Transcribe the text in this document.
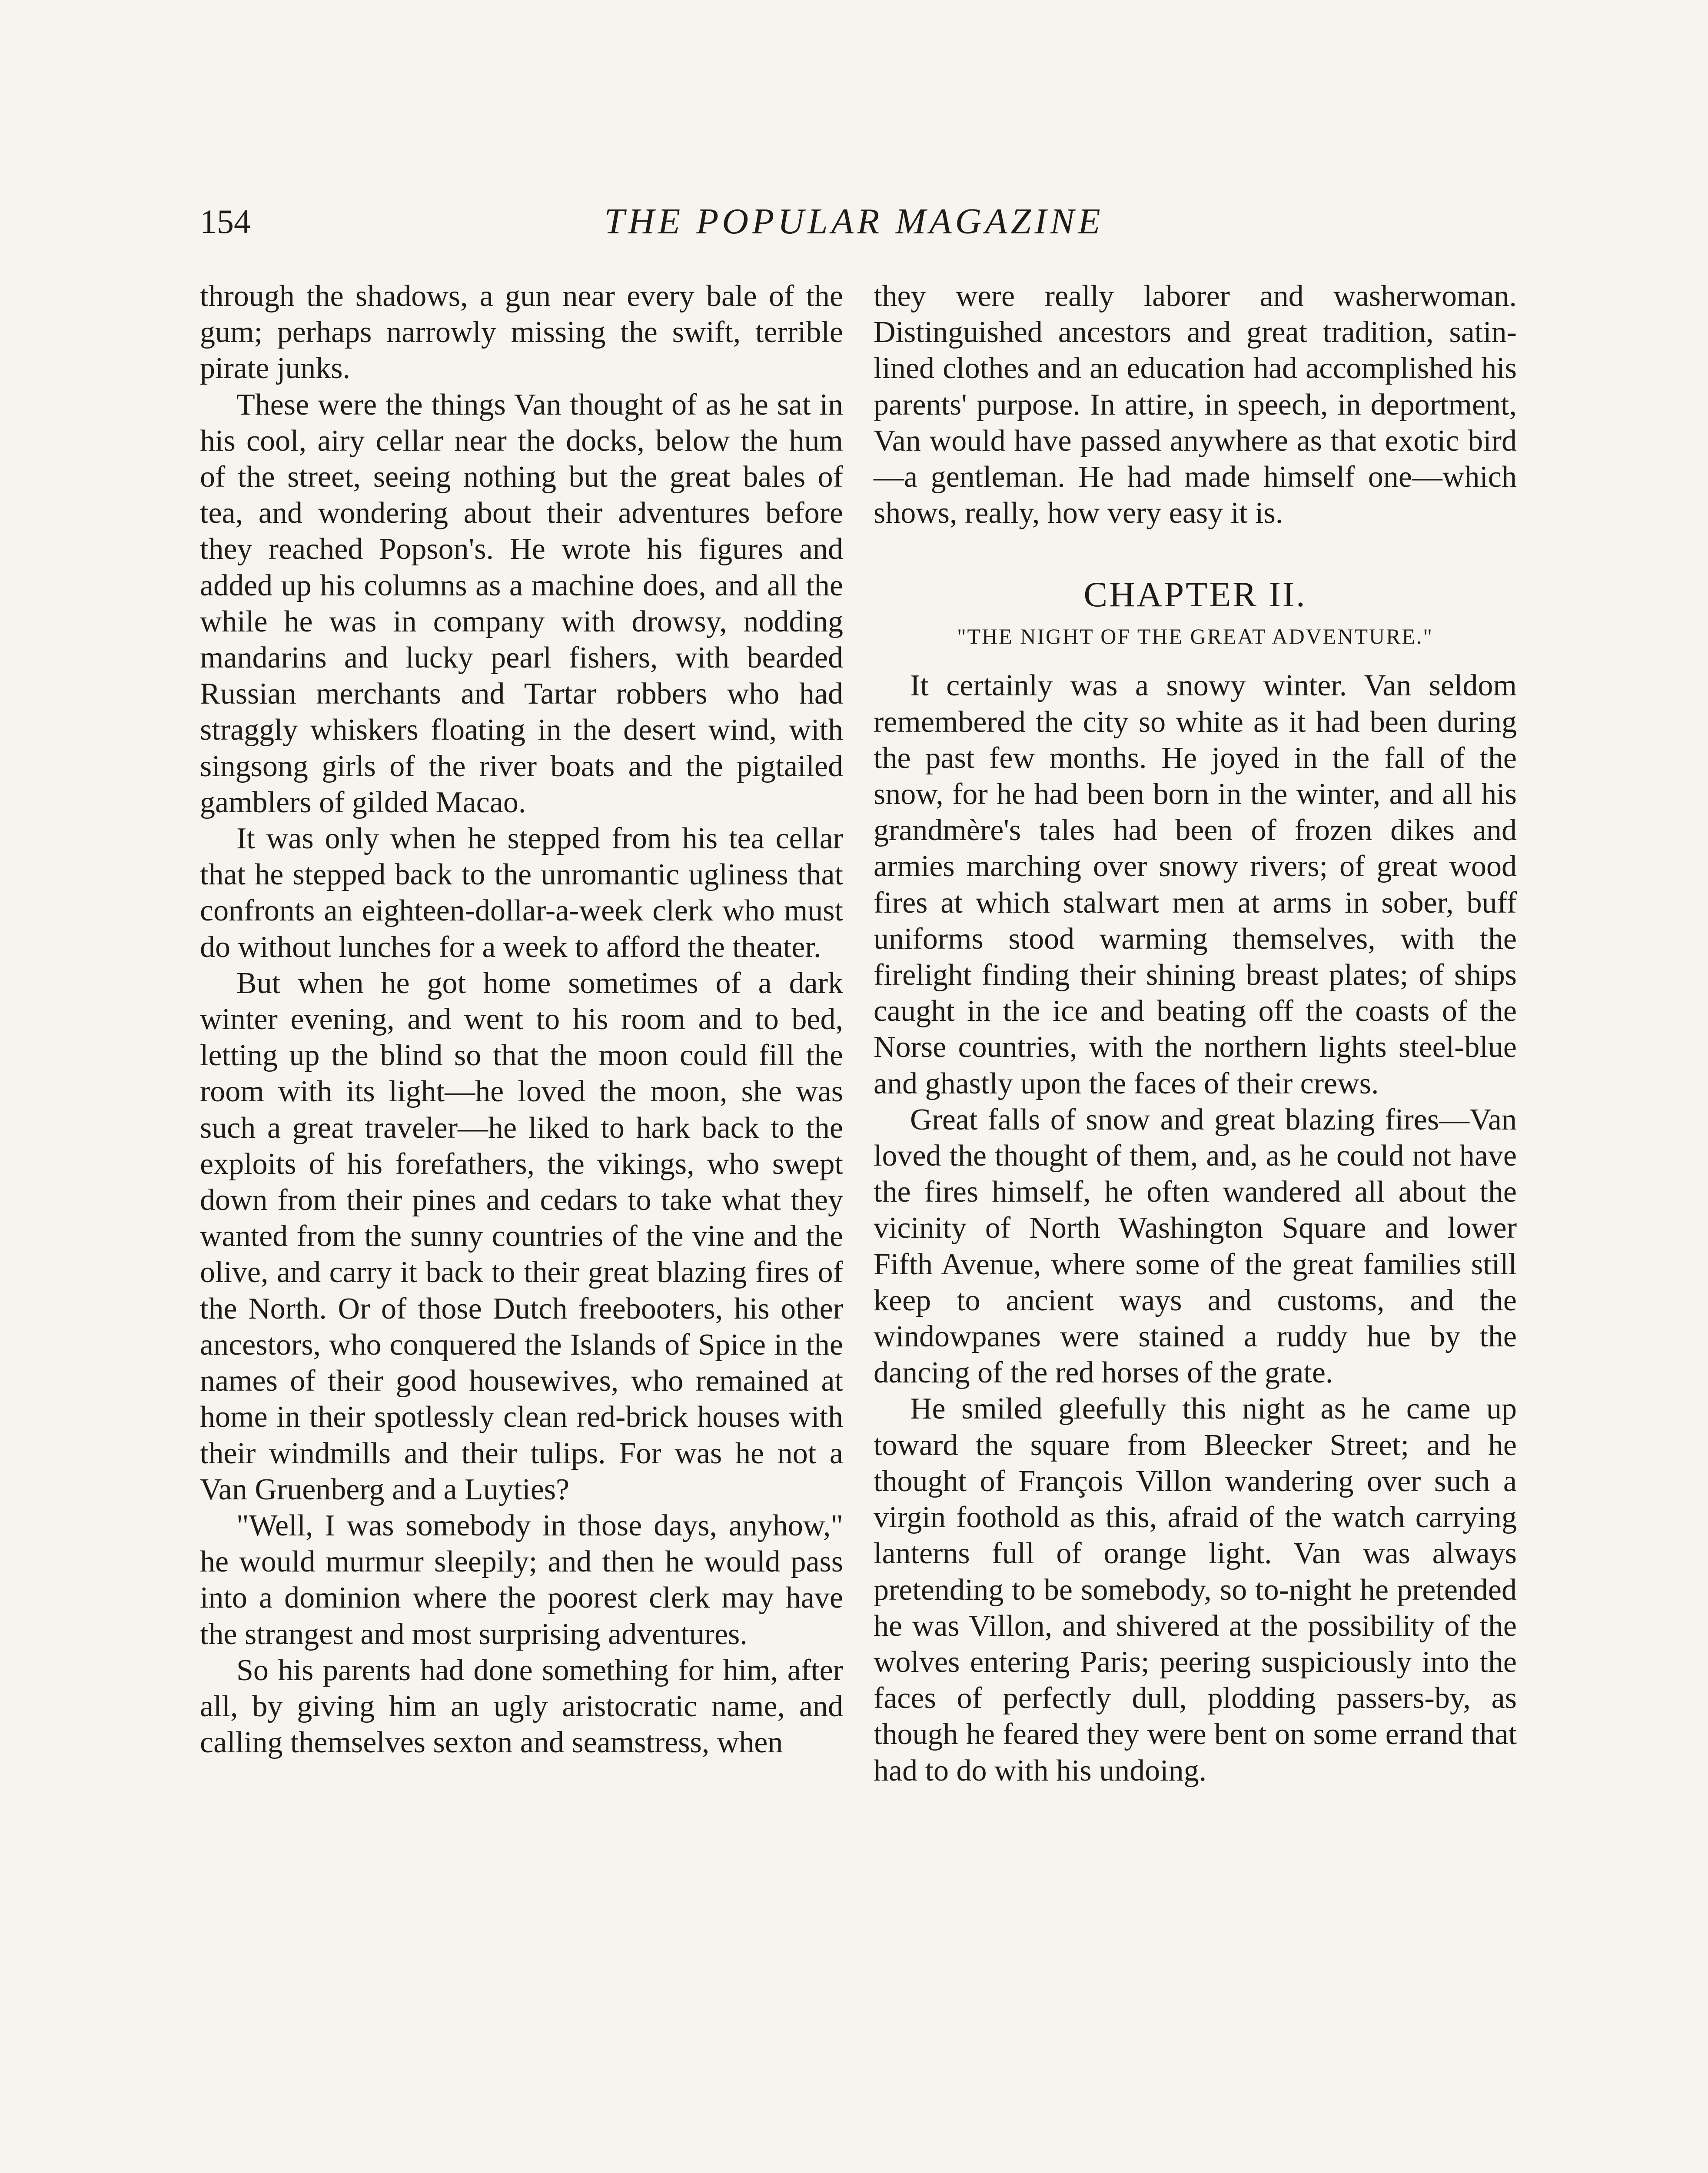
154	THE POPULAR MAGAZINE

through the shadows, a gun near every bale of the gum; perhaps narrowly missing the swift, terrible pirate junks.

These were the things Van thought of as he sat in his cool, airy cellar near the docks, below the hum of the street, seeing nothing but the great bales of tea, and wondering about their adventures before they reached Popson's. He wrote his figures and added up his columns as a machine does, and all the while he was in company with drowsy, nodding mandarins and lucky pearl fishers, with bearded Russian merchants and Tartar robbers who had straggly whiskers floating in the desert wind, with singsong girls of the river boats and the pigtailed gamblers of gilded Macao.

It was only when he stepped from his tea cellar that he stepped back to the unromantic ugliness that confronts an eighteen-dollar-a-week clerk who must do without lunches for a week to afford the theater.

But when he got home sometimes of a dark winter evening, and went to his room and to bed, letting up the blind so that the moon could fill the room with its light—he loved the moon, she was such a great traveler—he liked to hark back to the exploits of his forefathers, the vikings, who swept down from their pines and cedars to take what they wanted from the sunny countries of the vine and the olive, and carry it back to their great blazing fires of the North. Or of those Dutch freebooters, his other ancestors, who conquered the Islands of Spice in the names of their good housewives, who remained at home in their spotlessly clean red-brick houses with their windmills and their tulips. For was he not a Van Gruenberg and a Luyties?

"Well, I was somebody in those days, anyhow," he would murmur sleepily; and then he would pass into a dominion where the poorest clerk may have the strangest and most surprising adventures.

So his parents had done something for him, after all, by giving him an ugly aristocratic name, and calling themselves sexton and seamstress, when

they were really laborer and washerwoman. Distinguished ancestors and great tradition, satin-lined clothes and an education had accomplished his parents' purpose. In attire, in speech, in deportment, Van would have passed anywhere as that exotic bird—a gentleman. He had made himself one—which shows, really, how very easy it is.

CHAPTER II.
"THE NIGHT OF THE GREAT ADVENTURE."

It certainly was a snowy winter. Van seldom remembered the city so white as it had been during the past few months. He joyed in the fall of the snow, for he had been born in the winter, and all his grandmère's tales had been of frozen dikes and armies marching over snowy rivers; of great wood fires at which stalwart men at arms in sober, buff uniforms stood warming themselves, with the firelight finding their shining breast plates; of ships caught in the ice and beating off the coasts of the Norse countries, with the northern lights steel-blue and ghastly upon the faces of their crews.

Great falls of snow and great blazing fires—Van loved the thought of them, and, as he could not have the fires himself, he often wandered all about the vicinity of North Washington Square and lower Fifth Avenue, where some of the great families still keep to ancient ways and customs, and the windowpanes were stained a ruddy hue by the dancing of the red horses of the grate.

He smiled gleefully this night as he came up toward the square from Bleecker Street; and he thought of François Villon wandering over such a virgin foothold as this, afraid of the watch carrying lanterns full of orange light. Van was always pretending to be somebody, so to-night he pretended he was Villon, and shivered at the possibility of the wolves entering Paris; peering suspiciously into the faces of perfectly dull, plodding passers-by, as though he feared they were bent on some errand that had to do with his undoing.
